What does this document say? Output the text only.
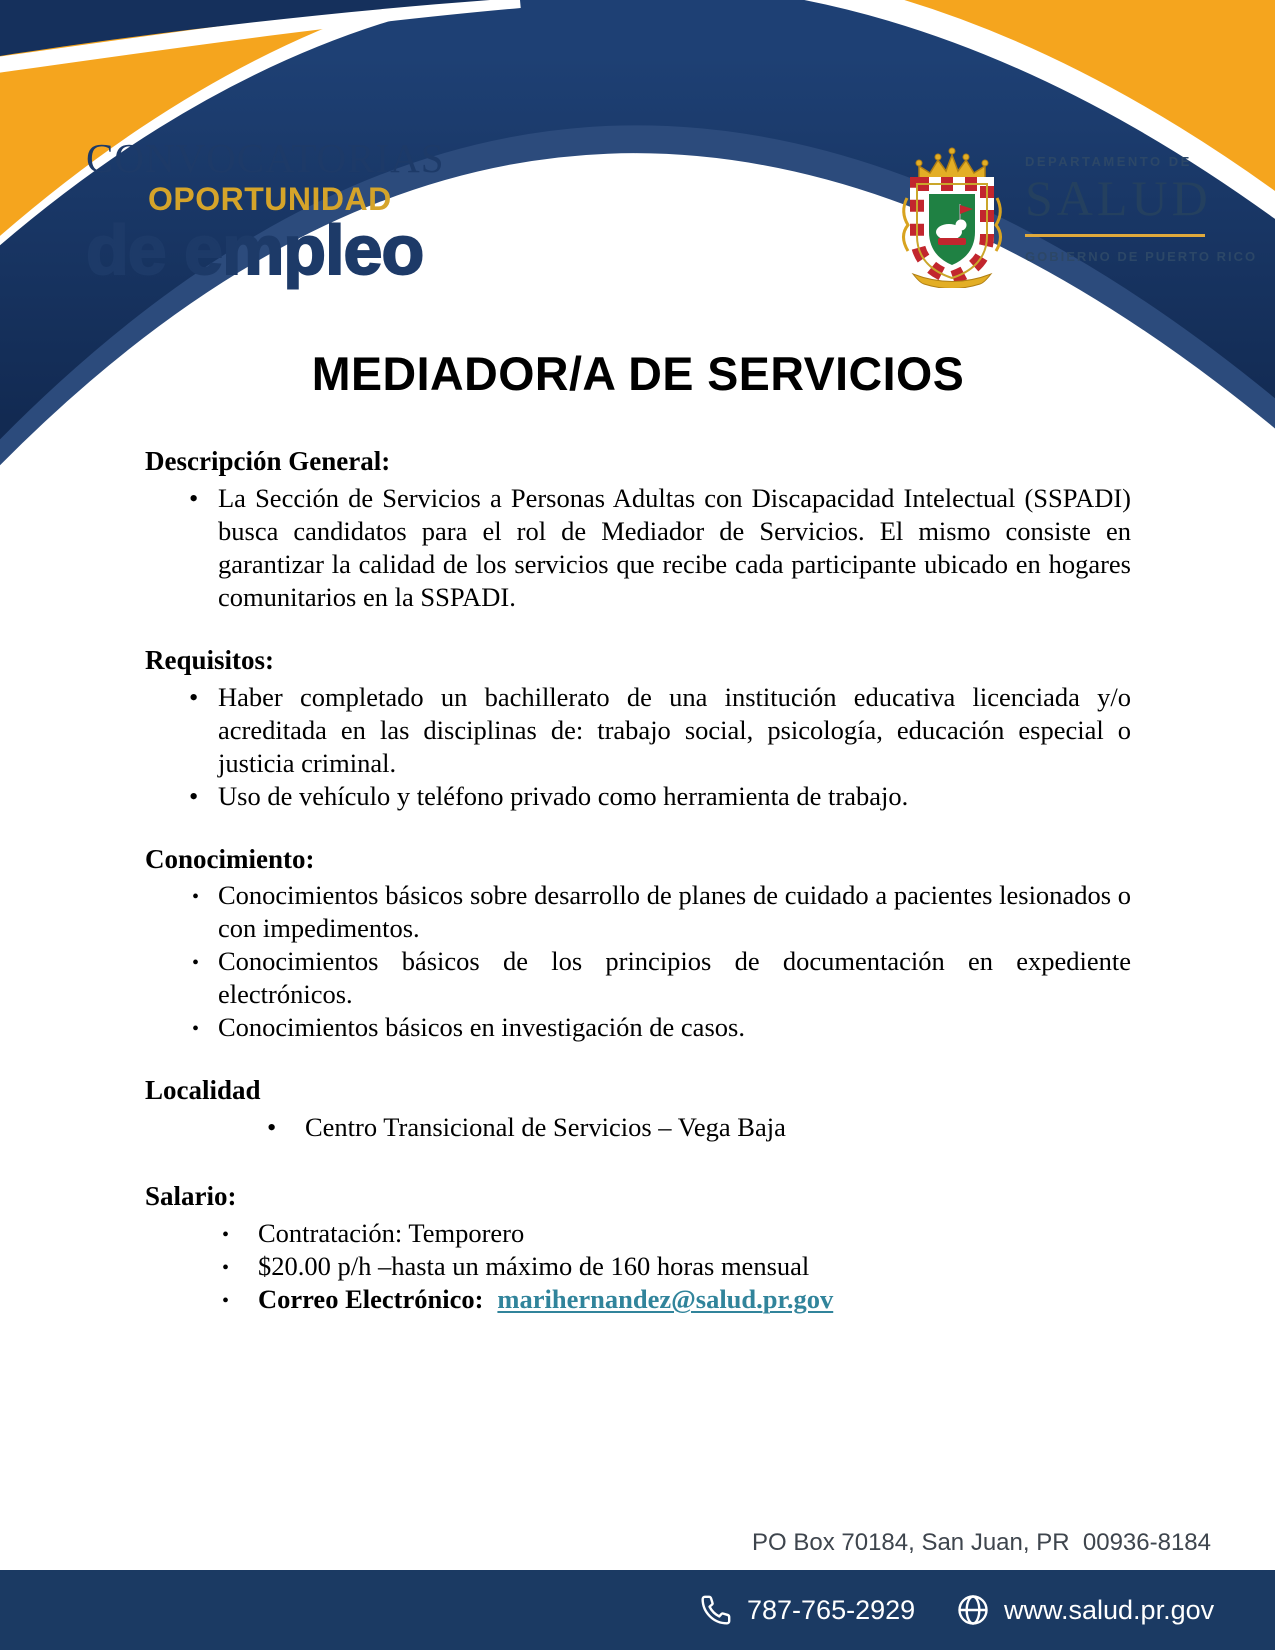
CONVOCATORIAS
OPORTUNIDAD
de empleo
DEPARTAMENTO DE
SALUD
GOBIERNO DE PUERTO RICO
MEDIADOR/A DE SERVICIOS
Descripción General:
• La Sección de Servicios a Personas Adultas con Discapacidad Intelectual (SSPADI) busca candidatos para el rol de Mediador de Servicios. El mismo consiste en garantizar la calidad de los servicios que recibe cada participante ubicado en hogares comunitarios en la SSPADI.
Requisitos:
• Haber completado un bachillerato de una institución educativa licenciada y/o acreditada en las disciplinas de: trabajo social, psicología, educación especial o justicia criminal.
• Uso de vehículo y teléfono privado como herramienta de trabajo.
Conocimiento:
• Conocimientos básicos sobre desarrollo de planes de cuidado a pacientes lesionados o con impedimentos.
• Conocimientos básicos de los principios de documentación en expediente electrónicos.
• Conocimientos básicos en investigación de casos.
Localidad
• Centro Transicional de Servicios – Vega Baja
Salario:
• Contratación: Temporero
• $20.00 p/h –hasta un máximo de 160 horas mensual
• Correo Electrónico: marihernandez@salud.pr.gov
PO Box 70184, San Juan, PR  00936-8184
787-765-2929	www.salud.pr.gov
